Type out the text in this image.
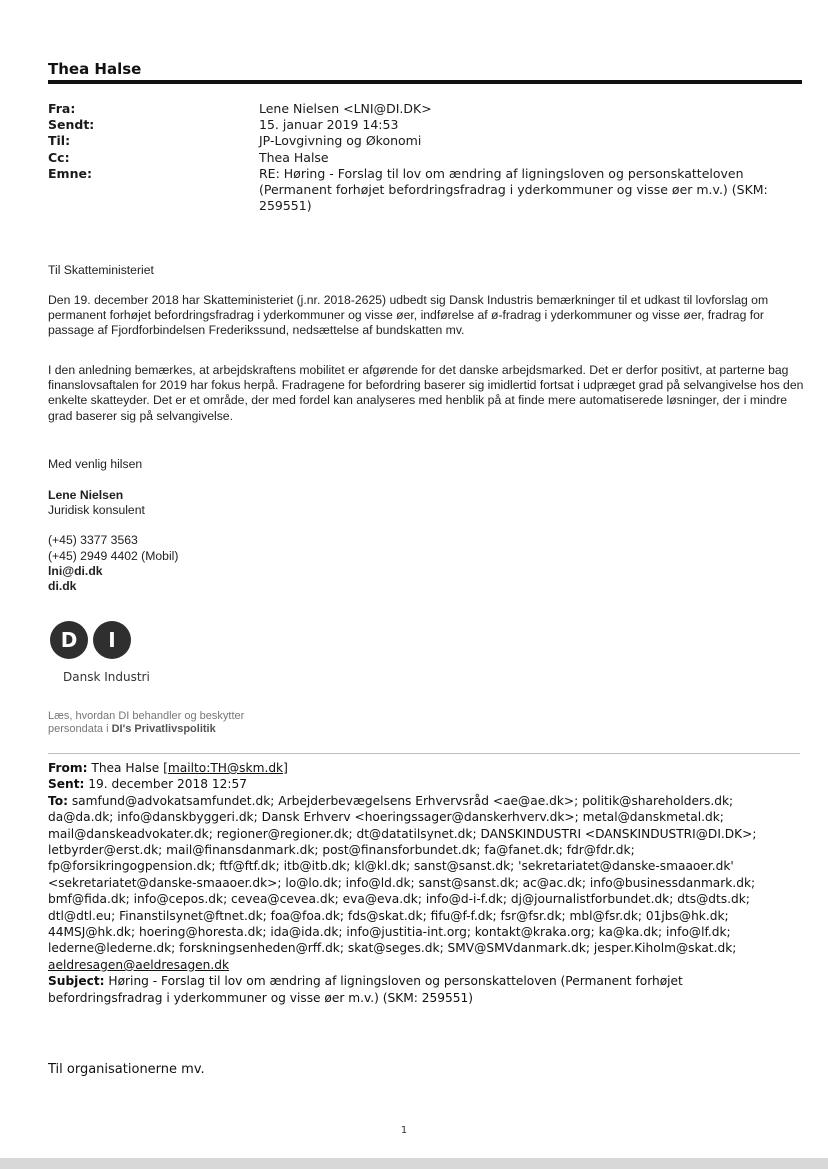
Thea Halse
Fra:
Sendt:
Til:
Cc:
Emne:
Lene Nielsen <LNI@DI.DK>
15. januar 2019 14:53
JP-Lovgivning og Økonomi
Thea Halse
RE: Høring - Forslag til lov om ændring af ligningsloven og personskatteloven (Permanent forhøjet befordringsfradrag i yderkommuner og visse øer m.v.) (SKM: 259551)
Til Skatteministeriet
Den 19. december 2018 har Skatteministeriet (j.nr. 2018-2625) udbedt sig Dansk Industris bemærkninger til et udkast til lovforslag om permanent forhøjet befordringsfradrag i yderkommuner og visse øer, indførelse af ø-fradrag i yderkommuner og visse øer, fradrag for passage af Fjordforbindelsen Frederikssund, nedsættelse af bundskatten mv.
I den anledning bemærkes, at arbejdskraftens mobilitet er afgørende for det danske arbejdsmarked. Det er derfor positivt, at parterne bag finanslovsaftalen for 2019 har fokus herpå. Fradragene for befordring baserer sig imidlertid fortsat i udpræget grad på selvangivelse hos den enkelte skatteyder. Det er et område, der med fordel kan analyseres med henblik på at finde mere automatiserede løsninger, der i mindre grad baserer sig på selvangivelse.
Med venlig hilsen
Lene Nielsen
Juridisk konsulent
(+45) 3377 3563
(+45) 2949 4402 (Mobil)
lni@di.dk
di.dk
D	I
Dansk Industri
Læs, hvordan DI behandler og beskytter
persondata i DI's Privatlivspolitik
From: Thea Halse [mailto:TH@skm.dk]
Sent: 19. december 2018 12:57
To: samfund@advokatsamfundet.dk; Arbejderbevægelsens Erhvervsråd <ae@ae.dk>; politik@shareholders.dk;
da@da.dk; info@danskbyggeri.dk; Dansk Erhverv <hoeringssager@danskerhverv.dk>; metal@danskmetal.dk;
mail@danskeadvokater.dk; regioner@regioner.dk; dt@datatilsynet.dk; DANSKINDUSTRI <DANSKINDUSTRI@DI.DK>;
letbyrder@erst.dk; mail@finansdanmark.dk; post@finansforbundet.dk; fa@fanet.dk; fdr@fdr.dk;
fp@forsikringogpension.dk; ftf@ftf.dk; itb@itb.dk; kl@kl.dk; sanst@sanst.dk; 'sekretariatet@danske-smaaoer.dk'
<sekretariatet@danske-smaaoer.dk>; lo@lo.dk; info@ld.dk; sanst@sanst.dk; ac@ac.dk; info@businessdanmark.dk;
bmf@fida.dk; info@cepos.dk; cevea@cevea.dk; eva@eva.dk; info@d-i-f.dk; dj@journalistforbundet.dk; dts@dts.dk;
dtl@dtl.eu; Finanstilsynet@ftnet.dk; foa@foa.dk; fds@skat.dk; fifu@f-f.dk; fsr@fsr.dk; mbl@fsr.dk; 01jbs@hk.dk;
44MSJ@hk.dk; hoering@horesta.dk; ida@ida.dk; info@justitia-int.org; kontakt@kraka.org; ka@ka.dk; info@lf.dk;
lederne@lederne.dk; forskningsenheden@rff.dk; skat@seges.dk; SMV@SMVdanmark.dk; jesper.Kiholm@skat.dk;
aeldresagen@aeldresagen.dk
Subject: Høring - Forslag til lov om ændring af ligningsloven og personskatteloven (Permanent forhøjet
befordringsfradrag i yderkommuner og visse øer m.v.) (SKM: 259551)
Til organisationerne mv.
1
